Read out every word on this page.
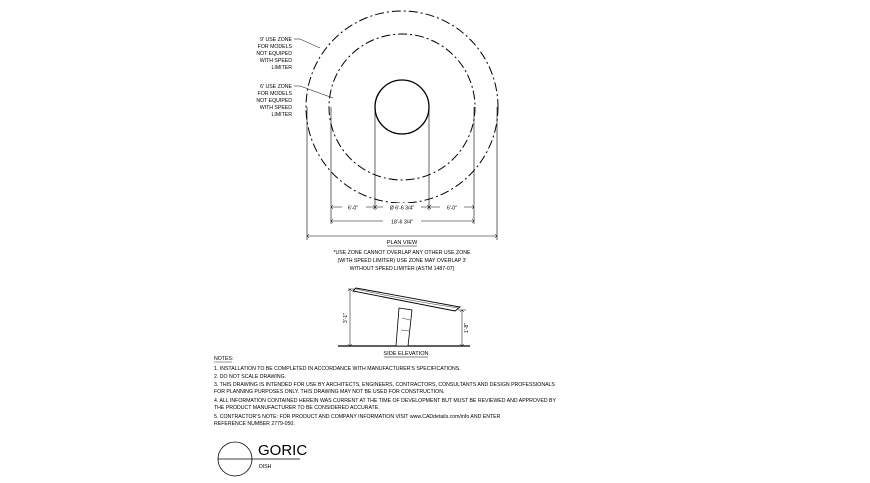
6'-0"	Ø 6'-6 3/4"	6'-0"
18'-6 3/4"
9' USE ZONE
FOR MODELS
NOT EQUIPED
WITH SPEED
LIMITER
6' USE ZONE
FOR MODELS
NOT EQUIPED
WITH SPEED
LIMITER
PLAN VIEW
*USE ZONE CANNOT OVERLAP ANY OTHER USE ZONE
(WITH SPEED LIMITER) USE ZONE MAY OVERLAP 3'
WITHOUT SPEED LIMITER (ASTM 1487-07)
3'-1"
1'-8"
SIDE ELEVATION
NOTES:
1. INSTALLATION TO BE COMPLETED IN ACCORDANCE WITH MANUFACTURER'S SPECIFICATIONS.
2. DO NOT SCALE DRAWING.
3. THIS DRAWING IS INTENDED FOR USE BY ARCHITECTS, ENGINEERS, CONTRACTORS, CONSULTANTS AND DESIGN PROFESSIONALS
FOR PLANNING PURPOSES ONLY. THIS DRAWING MAY NOT BE USED FOR CONSTRUCTION.
4. ALL INFORMATION CONTAINED HEREIN WAS CURRENT AT THE TIME OF DEVELOPMENT BUT MUST BE REVIEWED AND APPROVED BY
THE PRODUCT MANUFACTURER TO BE CONSIDERED ACCURATE.
5. CONTRACTOR'S NOTE: FOR PRODUCT AND COMPANY INFORMATION VISIT www.CADdetails.com/info AND ENTER
REFERENCE NUMBER 2779-050.
GORIC
DISH
